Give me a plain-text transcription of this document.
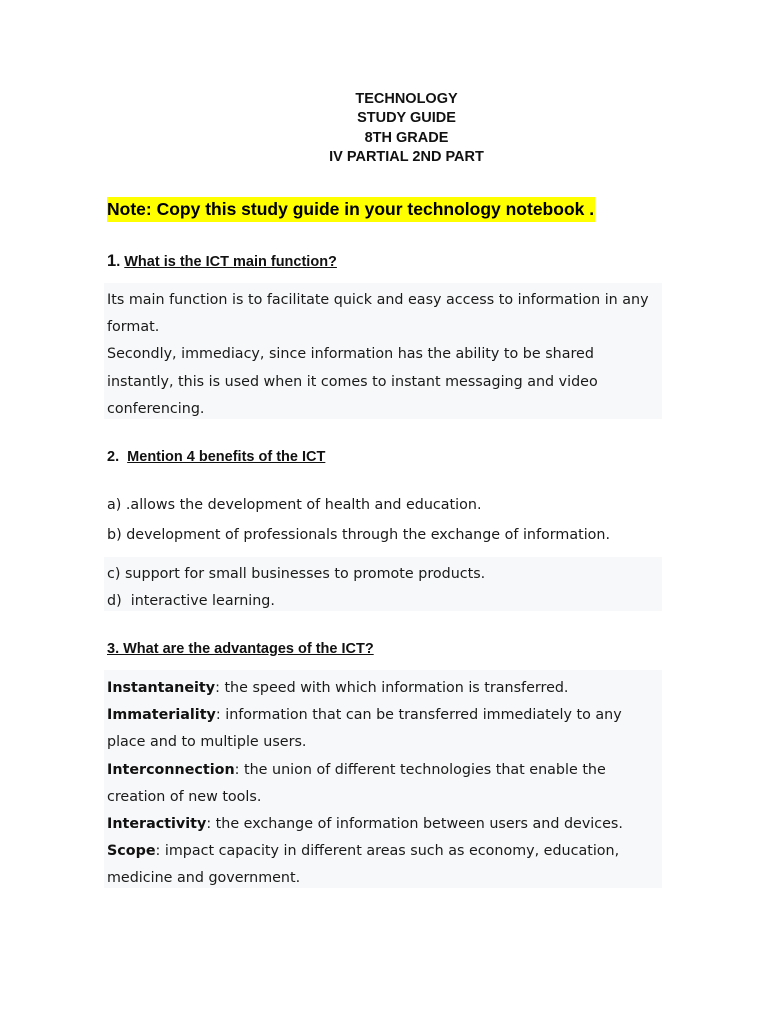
TECHNOLOGY
STUDY GUIDE
8TH GRADE
IV PARTIAL 2ND PART
Note: Copy this study guide in your technology notebook .
1. What is the ICT main function?

Its main function is to facilitate quick and easy access to information in any format.

Secondly, immediacy, since information has the ability to be shared instantly, this is used when it comes to instant messaging and video conferencing.

2.  Mention 4 benefits of the ICT
a) .allows the development of health and education.
b) development of professionals through the exchange of information.

c) support for small businesses to promote products.

d)  interactive learning.

3. What are the advantages of the ICT?

Instantaneity: the speed with which information is transferred.

Immateriality: information that can be transferred immediately to any place and to multiple users.

Interconnection: the union of different technologies that enable the creation of new tools.

Interactivity: the exchange of information between users and devices.

Scope: impact capacity in different areas such as economy, education, medicine and government.
